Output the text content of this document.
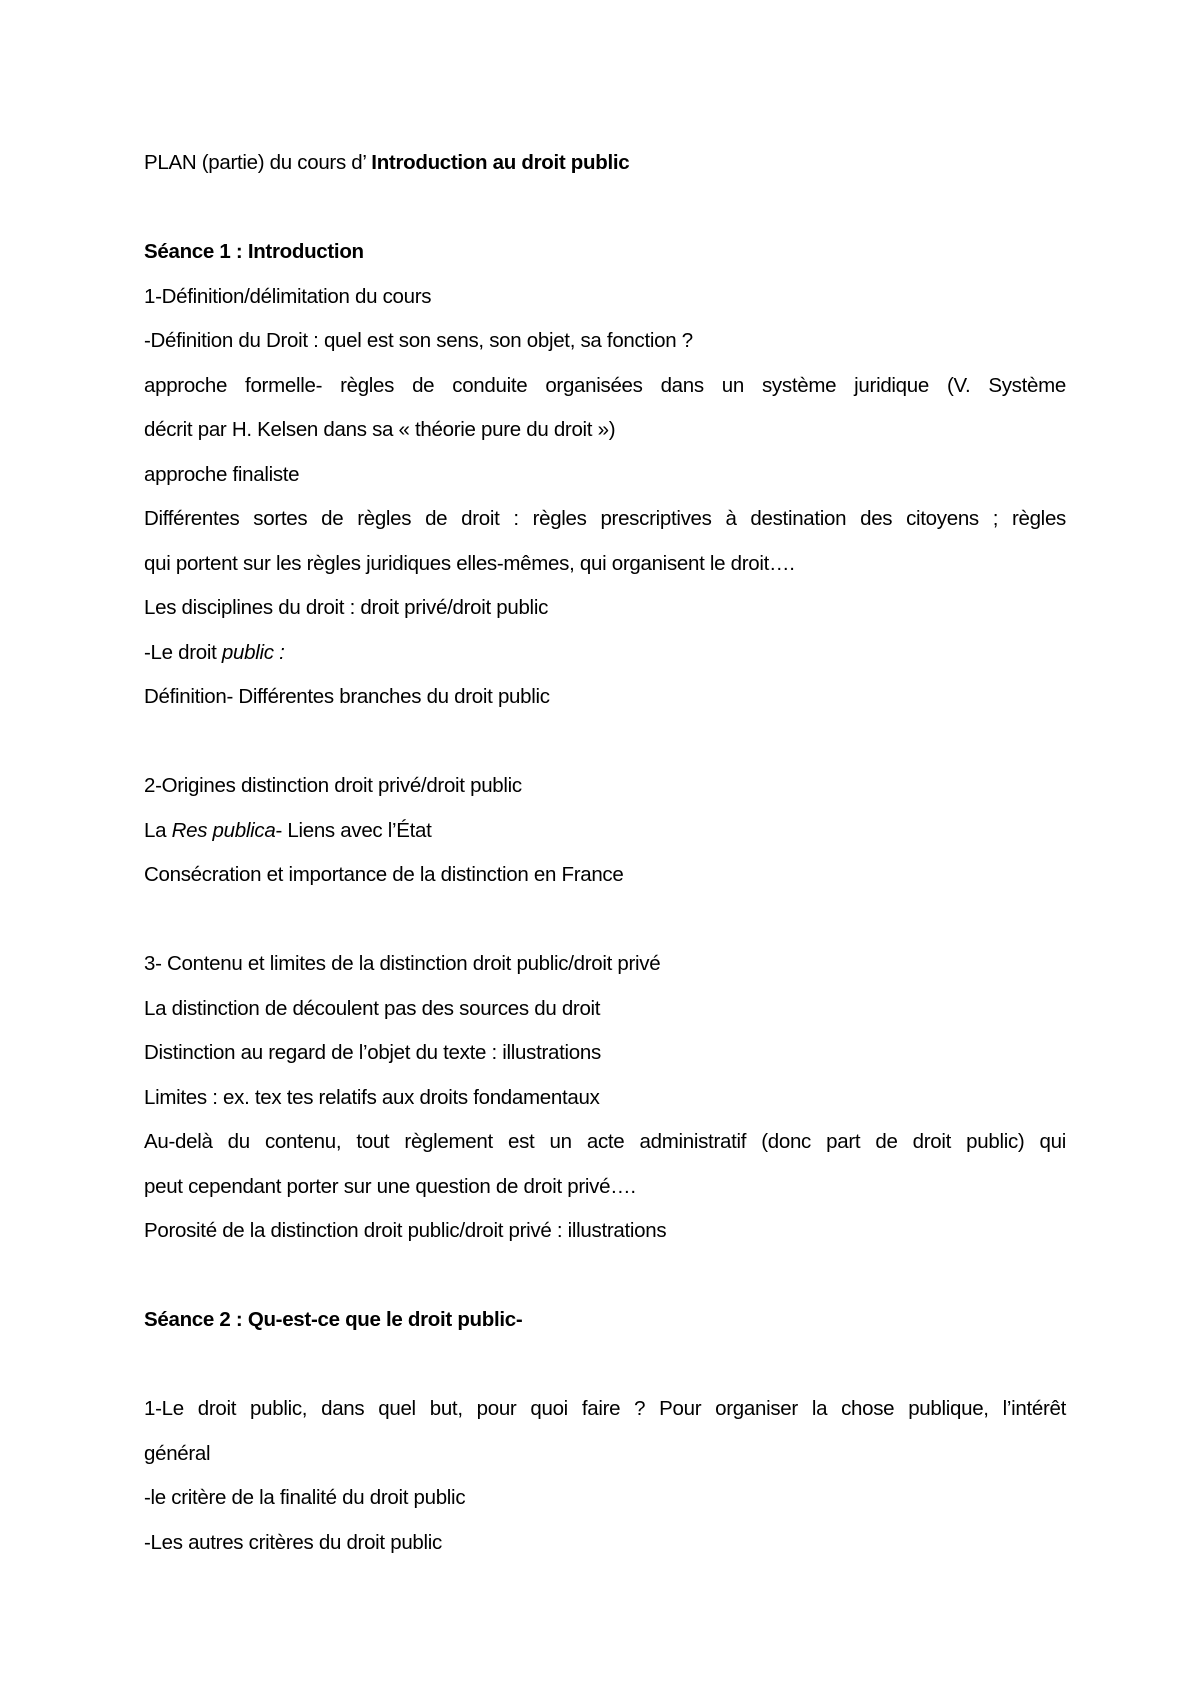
PLAN (partie) du cours d’ Introduction au droit public
Séance 1 : Introduction
1-Définition/délimitation du cours
-Définition du Droit : quel est son sens, son objet, sa fonction ?
approche formelle- règles de conduite organisées dans un système juridique (V. Système
décrit par H. Kelsen dans sa « théorie pure du droit »)
approche finaliste
Différentes sortes de règles de droit : règles prescriptives à destination des citoyens ; règles
qui portent sur les règles juridiques elles-mêmes, qui organisent le droit….
Les disciplines du droit : droit privé/droit public
-Le droit public :
Définition- Différentes branches du droit public
2-Origines distinction droit privé/droit public
La Res publica- Liens avec l’État
Consécration et importance de la distinction en France
3- Contenu et limites de la distinction droit public/droit privé
La distinction de découlent pas des sources du droit
Distinction au regard de l’objet du texte : illustrations
Limites : ex. tex tes relatifs aux droits fondamentaux
Au-delà du contenu, tout règlement est un acte administratif (donc part de droit public) qui
peut cependant porter sur une question de droit privé….
Porosité de la distinction droit public/droit privé : illustrations
Séance 2 : Qu-est-ce que le droit public-
1-Le droit public, dans quel but, pour quoi faire ? Pour organiser la chose publique, l’intérêt
général
-le critère de la finalité du droit public
-Les autres critères du droit public
